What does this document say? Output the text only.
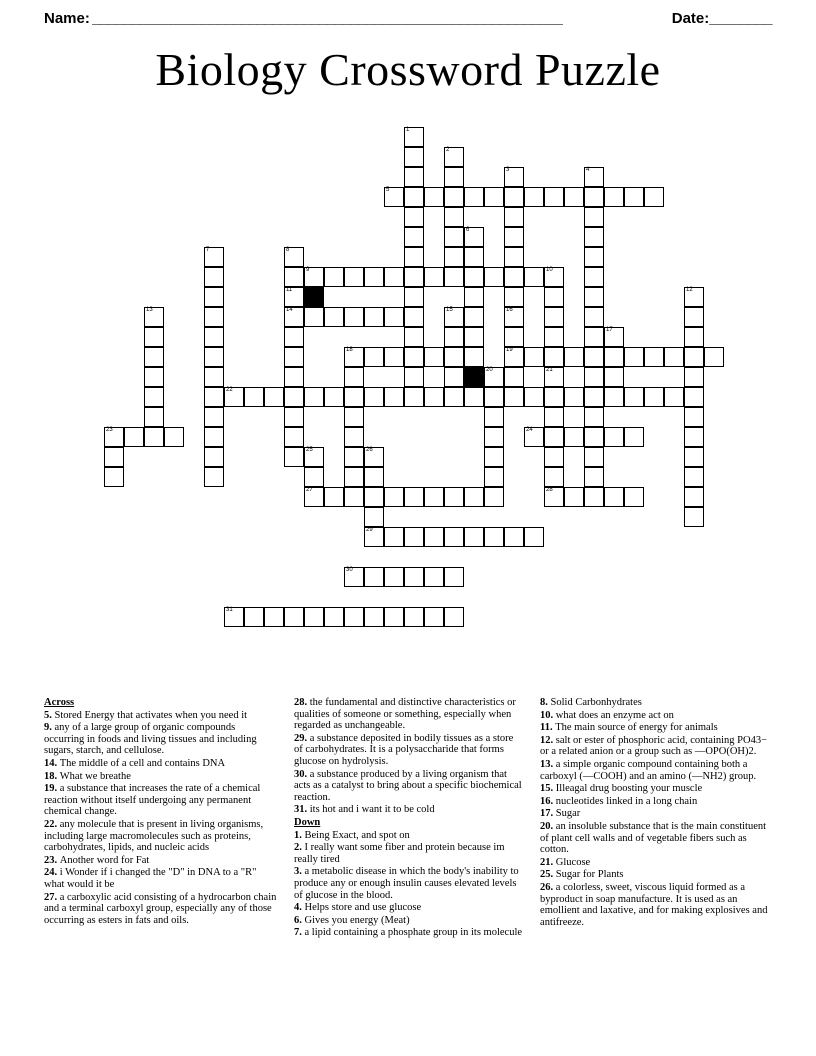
Name: ____________________________________________________________	Date: ________
Biology Crossword Puzzle
1
2
3	4
5
6
7	8
9	10
11	12
13	14	15	16
17
18	19
20	21
22
23	24
25	26
27	28
29
30
31
Across
5. Stored Energy that activates when you need it
9. any of a large group of organic compounds occurring in foods and living tissues and including sugars, starch, and cellulose.
14. The middle of a cell and contains DNA
18. What we breathe
19. a substance that increases the rate of a chemical reaction without itself undergoing any permanent chemical change.
22. any molecule that is present in living organisms, including large macromolecules such as proteins, carbohydrates, lipids, and nucleic acids
23. Another word for Fat
24. i Wonder if i changed the "D" in DNA to a "R" what would it be
27. a carboxylic acid consisting of a hydrocarbon chain and a terminal carboxyl group, especially any of those occurring as esters in fats and oils.
28. the fundamental and distinctive characteristics or qualities of someone or something, especially when regarded as unchangeable.
29. a substance deposited in bodily tissues as a store of carbohydrates. It is a polysaccharide that forms glucose on hydrolysis.
30. a substance produced by a living organism that acts as a catalyst to bring about a specific biochemical reaction.
31. its hot and i want it to be cold
Down
1. Being Exact, and spot on
2. I really want some fiber and protein because im really tired
3. a metabolic disease in which the body's inability to produce any or enough insulin causes elevated levels of glucose in the blood.
4. Helps store and use glucose
6. Gives you energy (Meat)
7. a lipid containing a phosphate group in its molecule
8. Solid Carbonhydrates
10. what does an enzyme act on
11. The main source of energy for animals
12. salt or ester of phosphoric acid, containing PO43− or a related anion or a group such as —OPO(OH)2.
13. a simple organic compound containing both a carboxyl (—COOH) and an amino (—NH2) group.
15. Illeagal drug boosting your muscle
16. nucleotides linked in a long chain
17. Sugar
20. an insoluble substance that is the main constituent of plant cell walls and of vegetable fibers such as cotton.
21. Glucose
25. Sugar for Plants
26. a colorless, sweet, viscous liquid formed as a byproduct in soap manufacture. It is used as an emollient and laxative, and for making explosives and antifreeze.
